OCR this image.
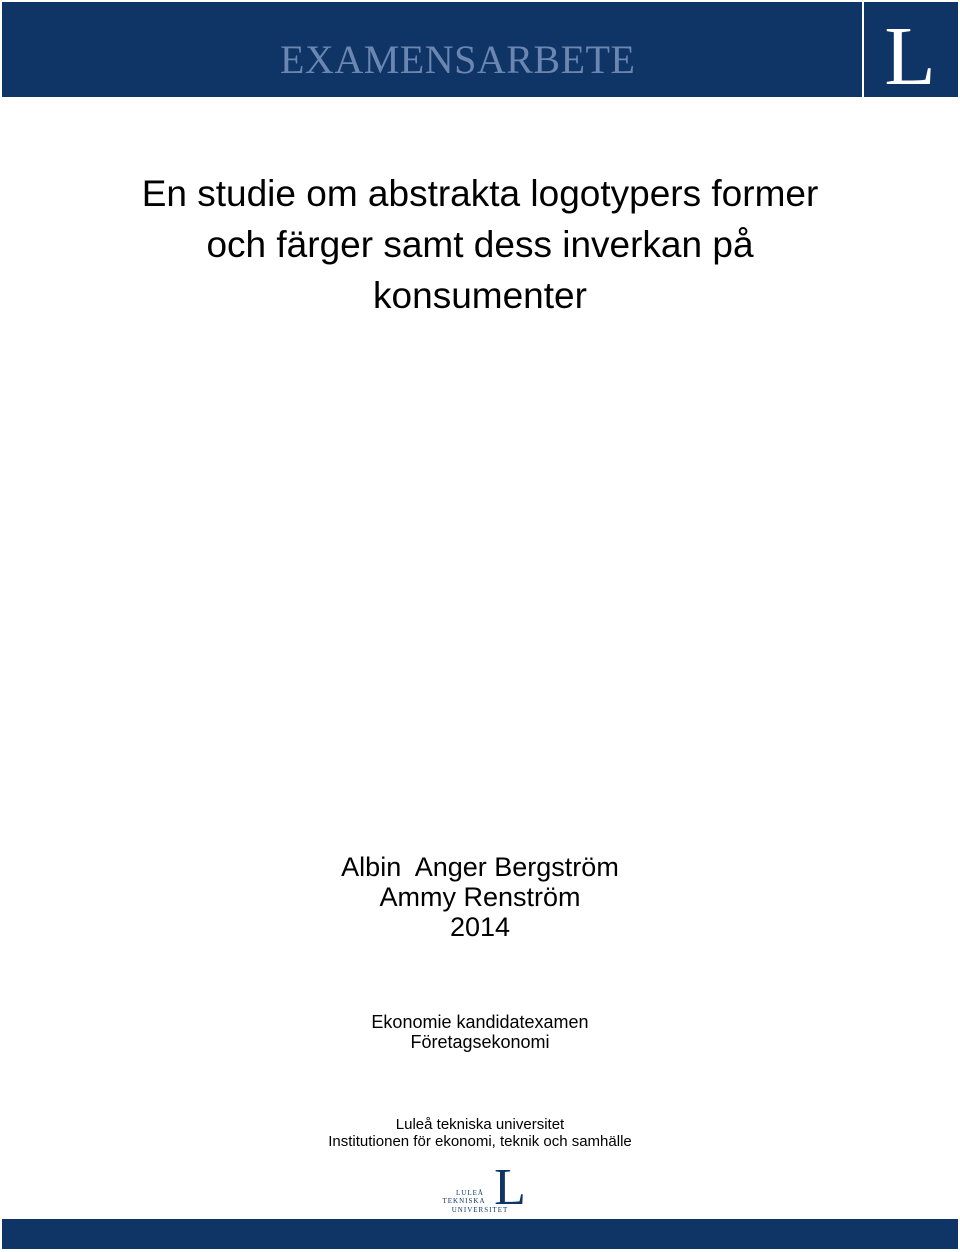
EXAMENSARBETE	L
En studie om abstrakta logotypers former
och färger samt dess inverkan på
konsumenter
Albin  Anger Bergström
Ammy Renström
2014
Ekonomie kandidatexamen
Företagsekonomi
Luleå tekniska universitet
Institutionen för ekonomi, teknik och samhälle
L
LULEÅ
TEKNISKA
UNIVERSITET
